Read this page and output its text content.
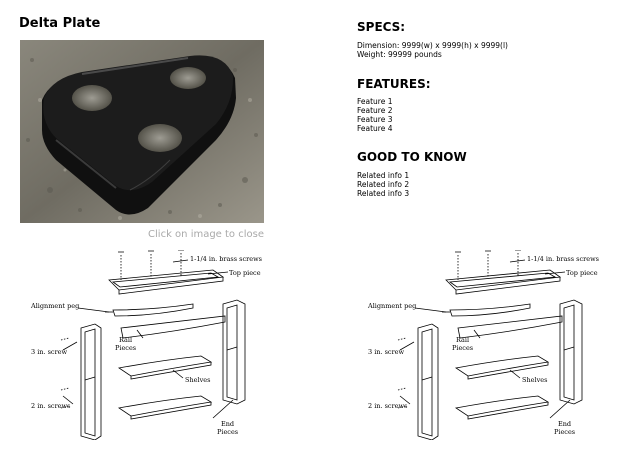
Delta Plate
Click on image to close
SPECS:
Dimension: 9999(w) x 9999(h) x 9999(l)
Weight: 99999 pounds
FEATURES:
Feature 1
Feature 2
Feature 3
Feature 4
GOOD TO KNOW
Related info 1
Related info 2
Related info 3
1-1/4 in. brass screws
Top piece
Alignment peg
Rail
Pieces
3 in. screw
Shelves
2 in. screws
End
Pieces
1-1/4 in. brass screws
Top piece
Alignment peg
Rail
Pieces
3 in. screw
Shelves
2 in. screws
End
Pieces
